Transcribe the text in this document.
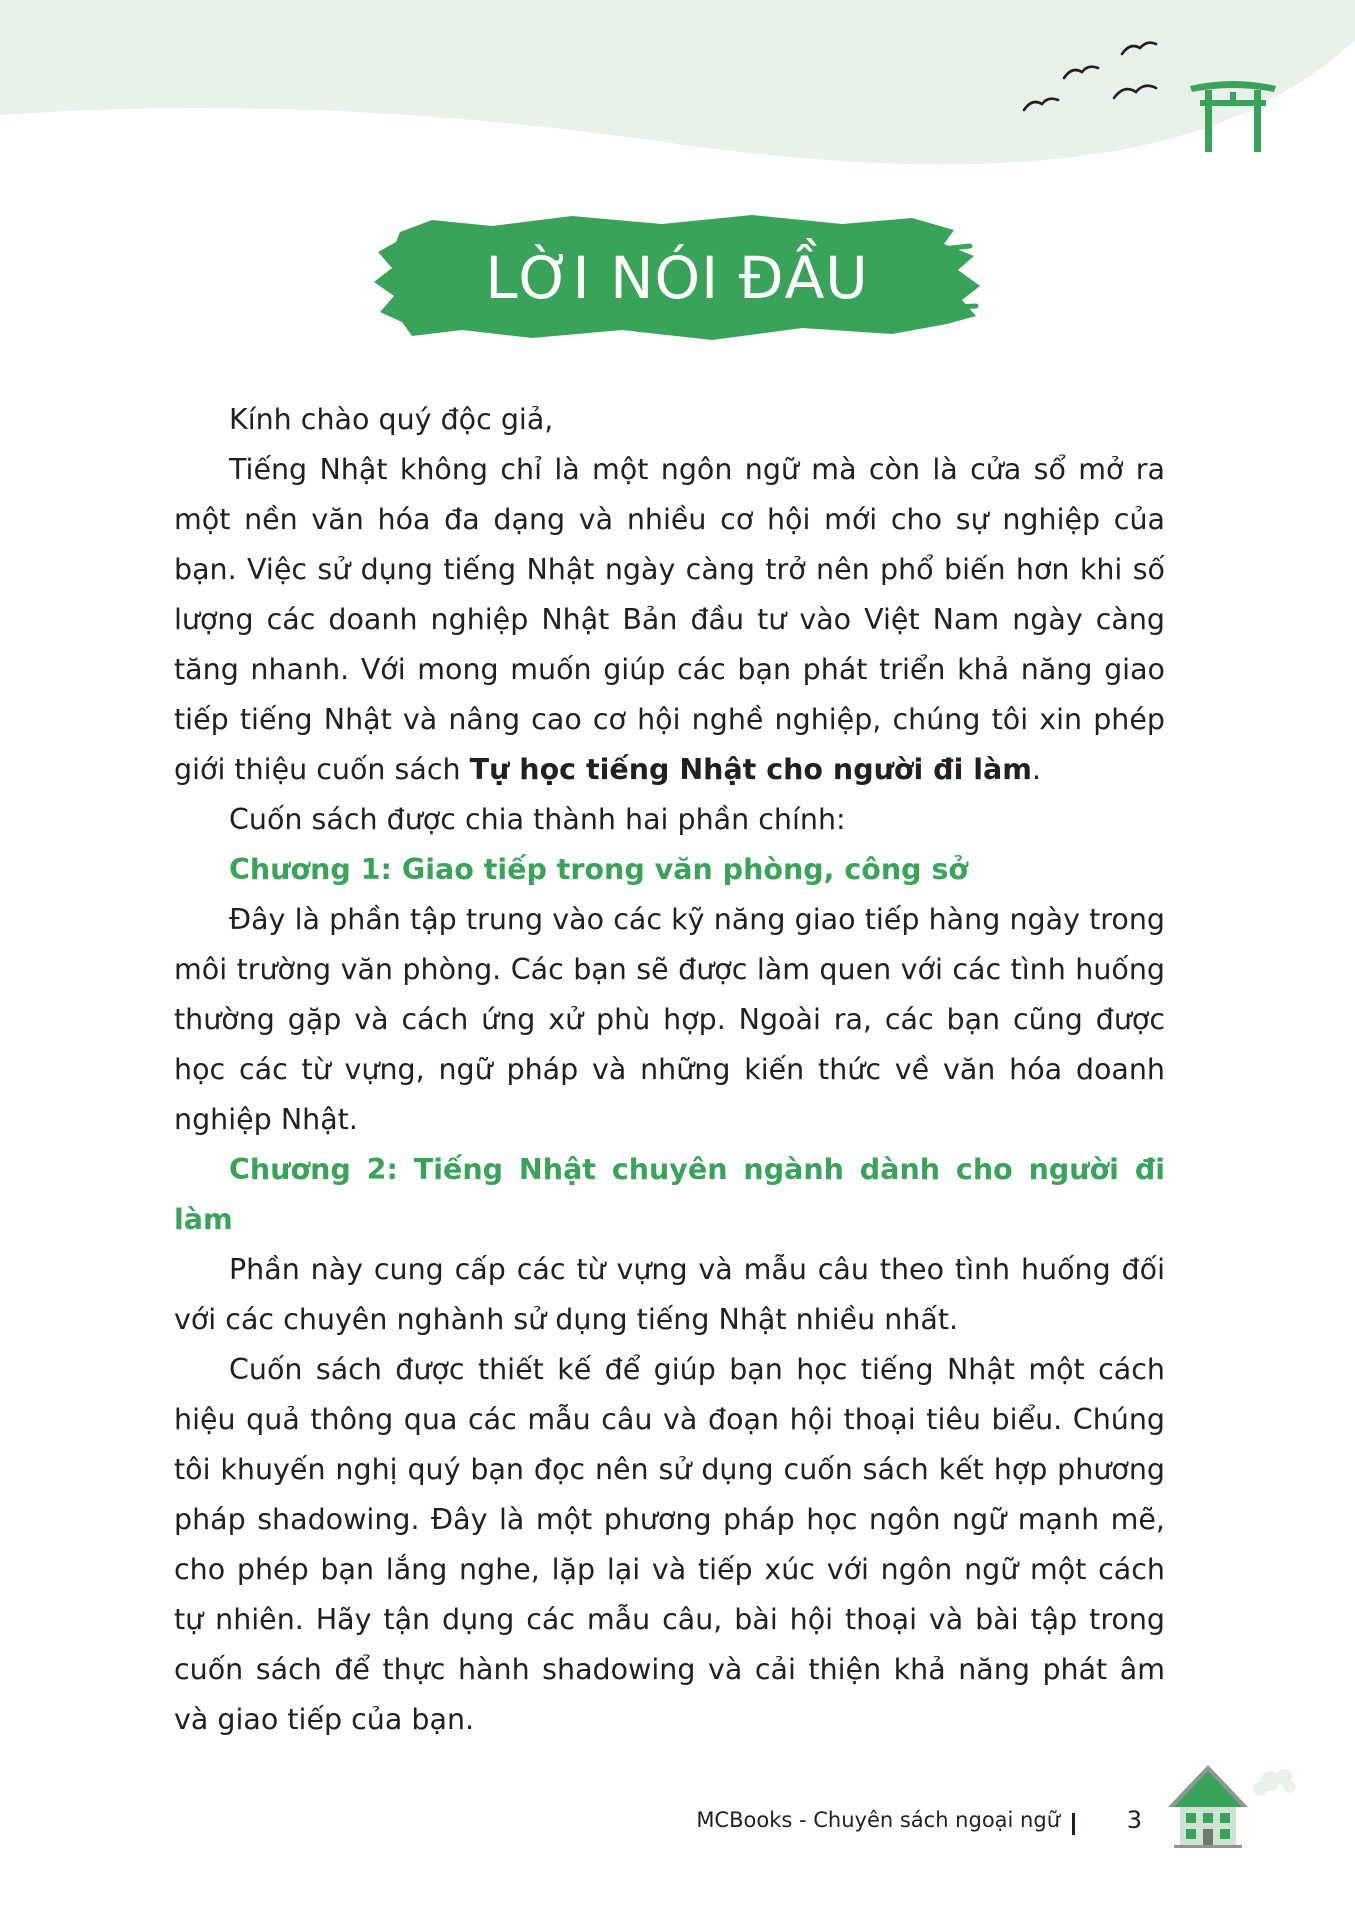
LỜI NÓI ĐẦU

Kính chào quý độc giả,

Tiếng Nhật không chỉ là một ngôn ngữ mà còn là cửa sổ mở ra một nền văn hóa đa dạng và nhiều cơ hội mới cho sự nghiệp của bạn. Việc sử dụng tiếng Nhật ngày càng trở nên phổ biến hơn khi số lượng các doanh nghiệp Nhật Bản đầu tư vào Việt Nam ngày càng tăng nhanh. Với mong muốn giúp các bạn phát triển khả năng giao tiếp tiếng Nhật và nâng cao cơ hội nghề nghiệp, chúng tôi xin phép giới thiệu cuốn sách Tự học tiếng Nhật cho người đi làm.

Cuốn sách được chia thành hai phần chính:

Chương 1: Giao tiếp trong văn phòng, công sở

Đây là phần tập trung vào các kỹ năng giao tiếp hàng ngày trong môi trường văn phòng. Các bạn sẽ được làm quen với các tình huống thường gặp và cách ứng xử phù hợp. Ngoài ra, các bạn cũng được học các từ vựng, ngữ pháp và những kiến thức về văn hóa doanh nghiệp Nhật.

Chương 2: Tiếng Nhật chuyên ngành dành cho người đi làm

Phần này cung cấp các từ vựng và mẫu câu theo tình huống đối với các chuyên nghành sử dụng tiếng Nhật nhiều nhất.

Cuốn sách được thiết kế để giúp bạn học tiếng Nhật một cách hiệu quả thông qua các mẫu câu và đoạn hội thoại tiêu biểu. Chúng tôi khuyến nghị quý bạn đọc nên sử dụng cuốn sách kết hợp phương pháp shadowing. Đây là một phương pháp học ngôn ngữ mạnh mẽ, cho phép bạn lắng nghe, lặp lại và tiếp xúc với ngôn ngữ một cách tự nhiên. Hãy tận dụng các mẫu câu, bài hội thoại và bài tập trong cuốn sách để thực hành shadowing và cải thiện khả năng phát âm và giao tiếp của bạn.

MCBooks - Chuyên sách ngoại ngữ	3
